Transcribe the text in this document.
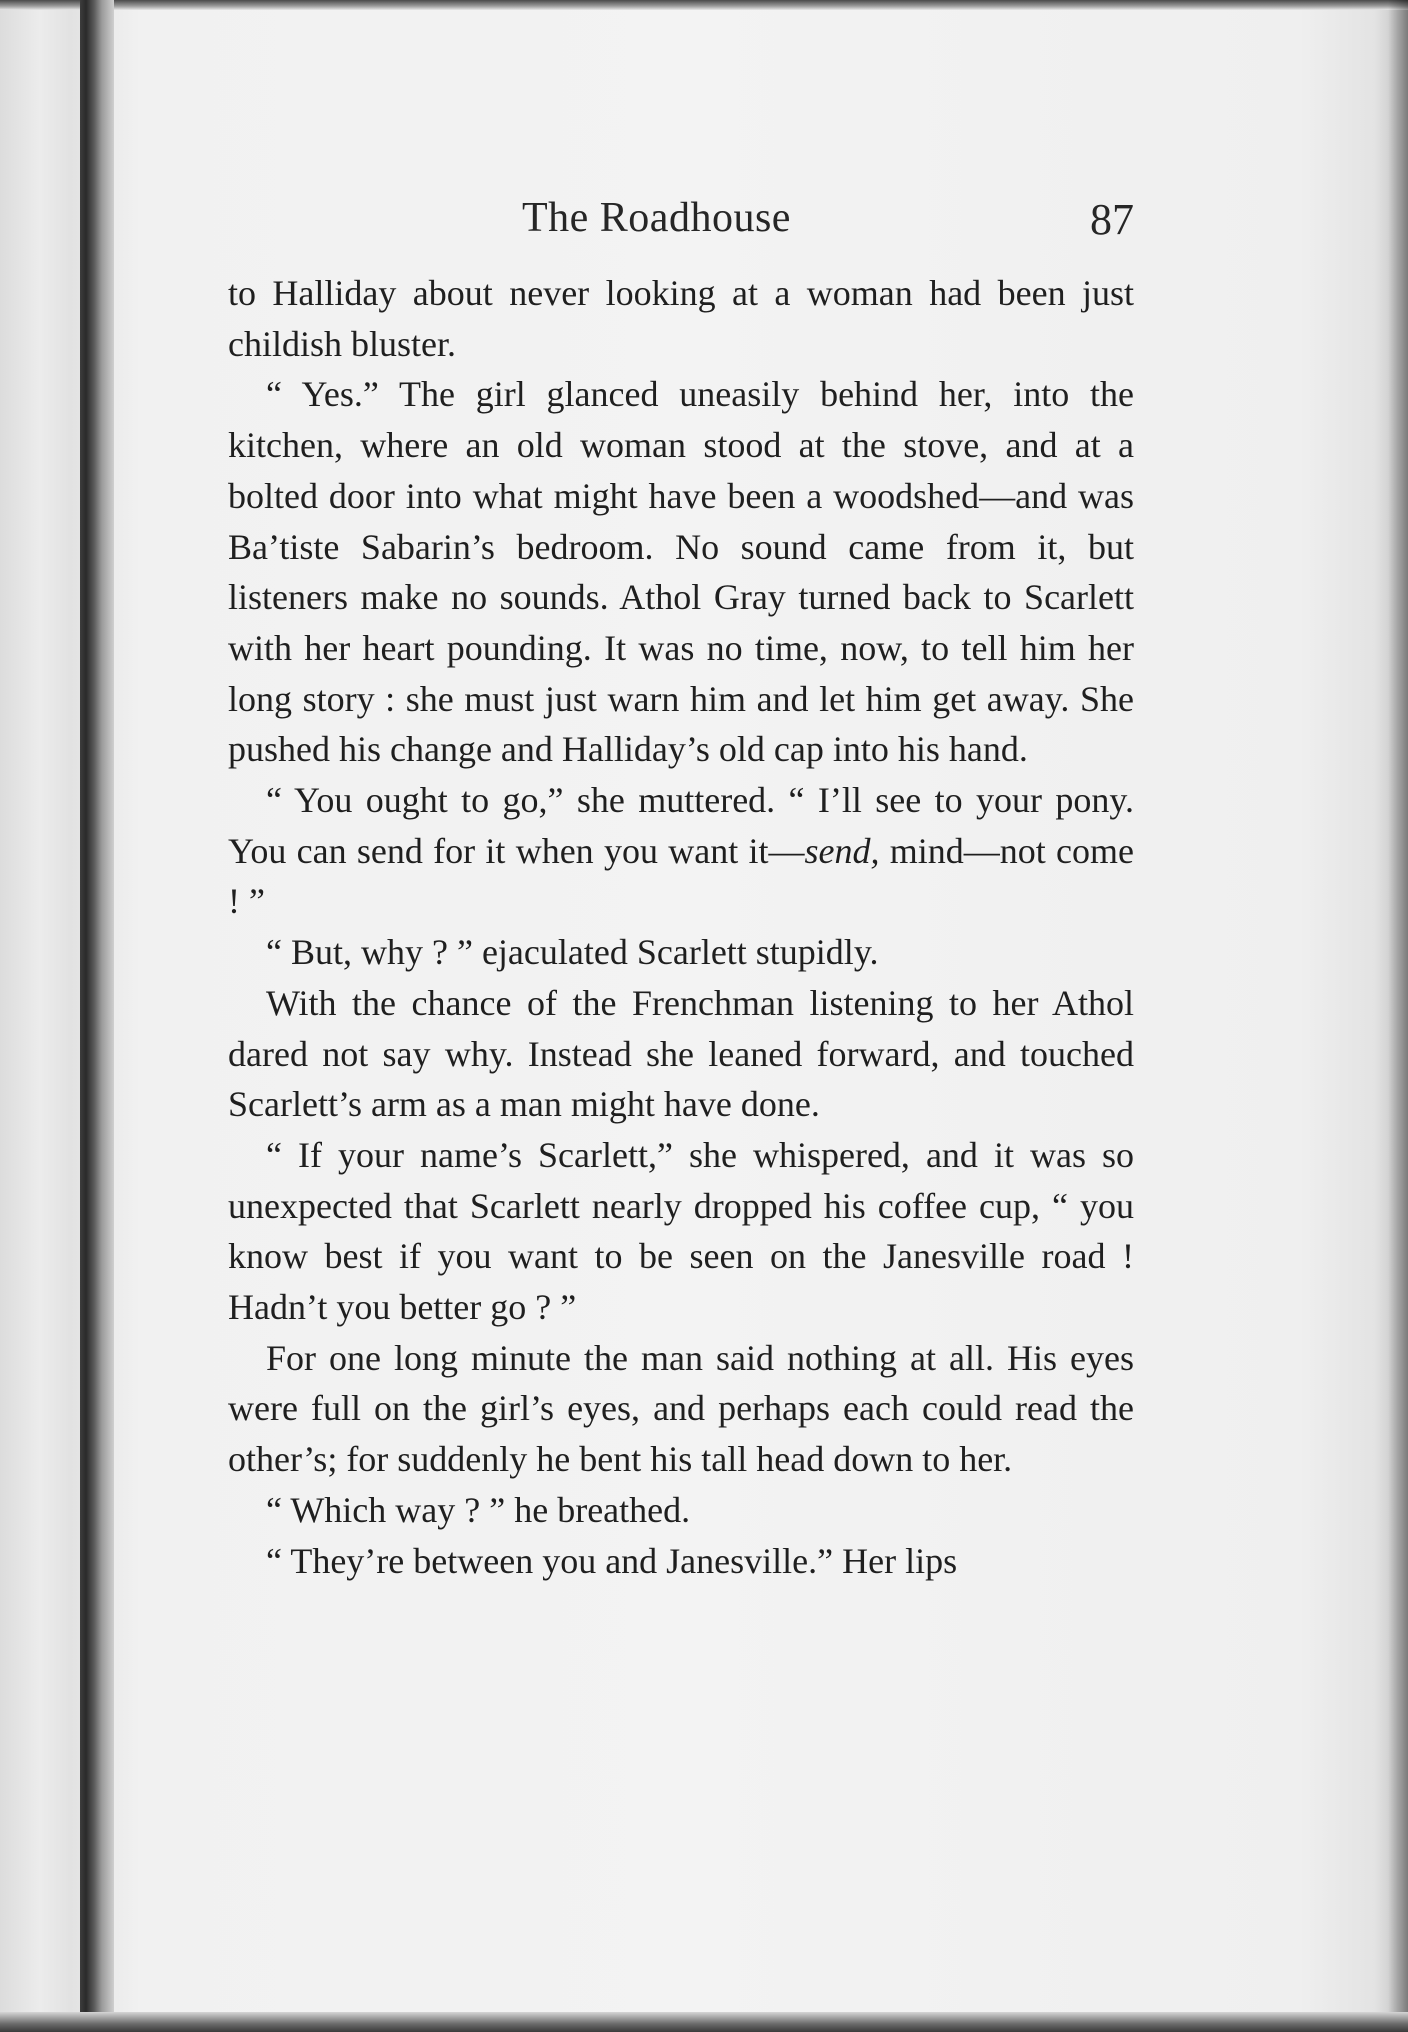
The Roadhouse	87

to Halliday about never looking at a woman had been just childish bluster.

“ Yes.” The girl glanced uneasily behind her, into the kitchen, where an old woman stood at the stove, and at a bolted door into what might have been a woodshed—and was Ba’tiste Sabarin’s bedroom. No sound came from it, but listeners make no sounds. Athol Gray turned back to Scarlett with her heart pounding. It was no time, now, to tell him her long story : she must just warn him and let him get away. She pushed his change and Halliday’s old cap into his hand.

“ You ought to go,” she muttered. “ I’ll see to your pony. You can send for it when you want it—send, mind—not come ! ”

“ But, why ? ” ejaculated Scarlett stupidly.

With the chance of the Frenchman listening to her Athol dared not say why. Instead she leaned forward, and touched Scarlett’s arm as a man might have done.

“ If your name’s Scarlett,” she whispered, and it was so unexpected that Scarlett nearly dropped his coffee cup, “ you know best if you want to be seen on the Janesville road ! Hadn’t you better go ? ”

For one long minute the man said nothing at all. His eyes were full on the girl’s eyes, and perhaps each could read the other’s; for suddenly he bent his tall head down to her.

“ Which way ? ” he breathed.

“ They’re between you and Janesville.” Her lips
